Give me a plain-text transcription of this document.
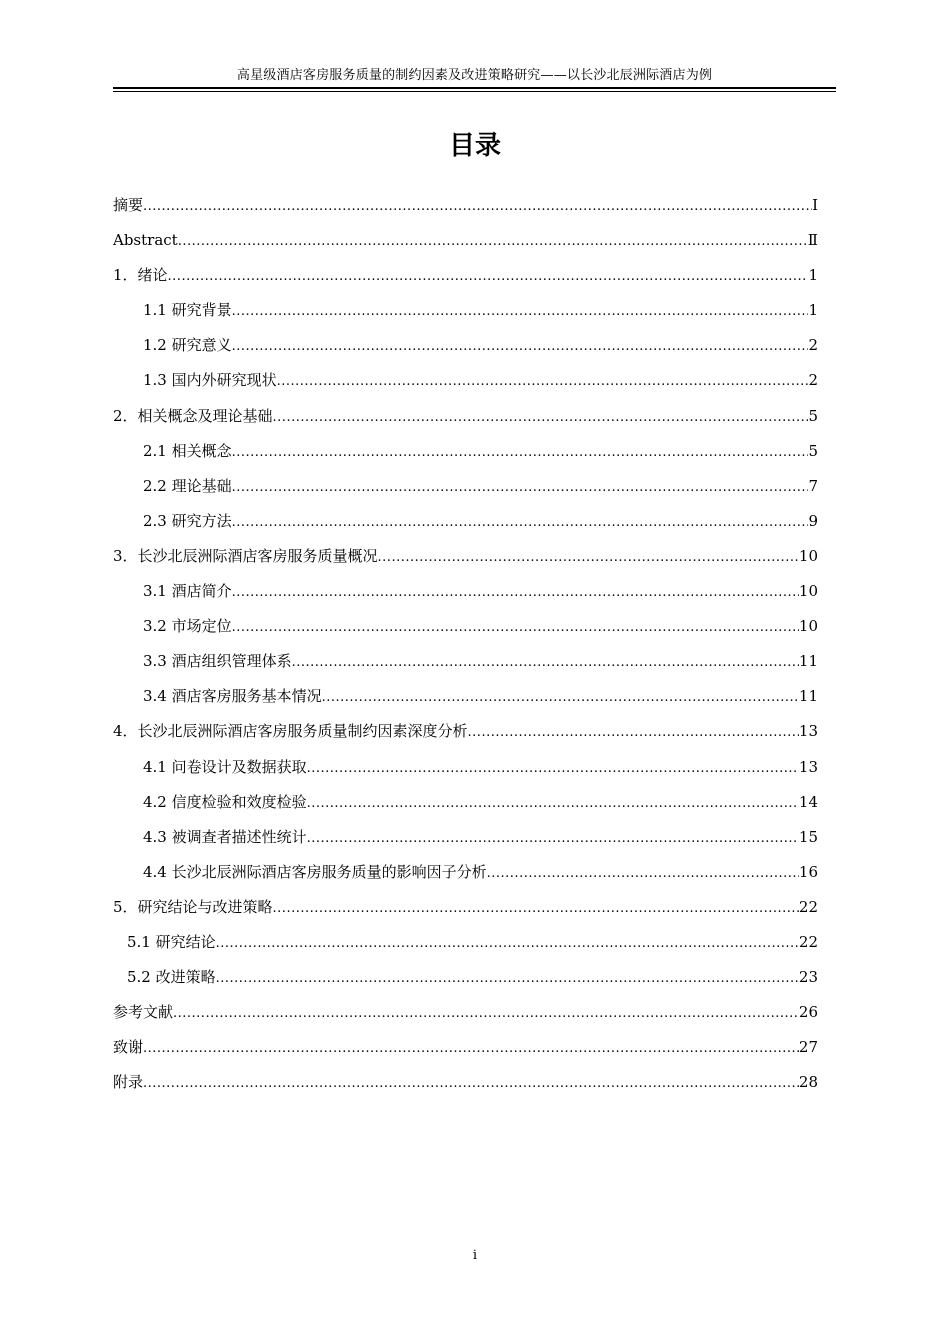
高星级酒店客房服务质量的制约因素及改进策略研究——以长沙北辰洲际酒店为例
目录
摘要 .....	Ⅰ
Abstract .....	Ⅱ
1．绪论 .....	1
1.1 研究背景 .....	1
1.2 研究意义 .....	2
1.3 国内外研究现状 .....	2
2．相关概念及理论基础 .....	5
2.1 相关概念 .....	5
2.2 理论基础 .....	7
2.3 研究方法 .....	9
3．长沙北辰洲际酒店客房服务质量概况 .....	10
3.1 酒店简介 .....	10
3.2 市场定位 .....	10
3.3 酒店组织管理体系 .....	11
3.4 酒店客房服务基本情况 .....	11
4．长沙北辰洲际酒店客房服务质量制约因素深度分析 .....	13
4.1 问卷设计及数据获取 .....	13
4.2 信度检验和效度检验 .....	14
4.3 被调查者描述性统计 .....	15
4.4 长沙北辰洲际酒店客房服务质量的影响因子分析 .....	16
5．研究结论与改进策略 .....	22
5.1 研究结论 .....	22
5.2 改进策略 .....	23
参考文献 .....	26
致谢 .....	27
附录 .....	28
i
